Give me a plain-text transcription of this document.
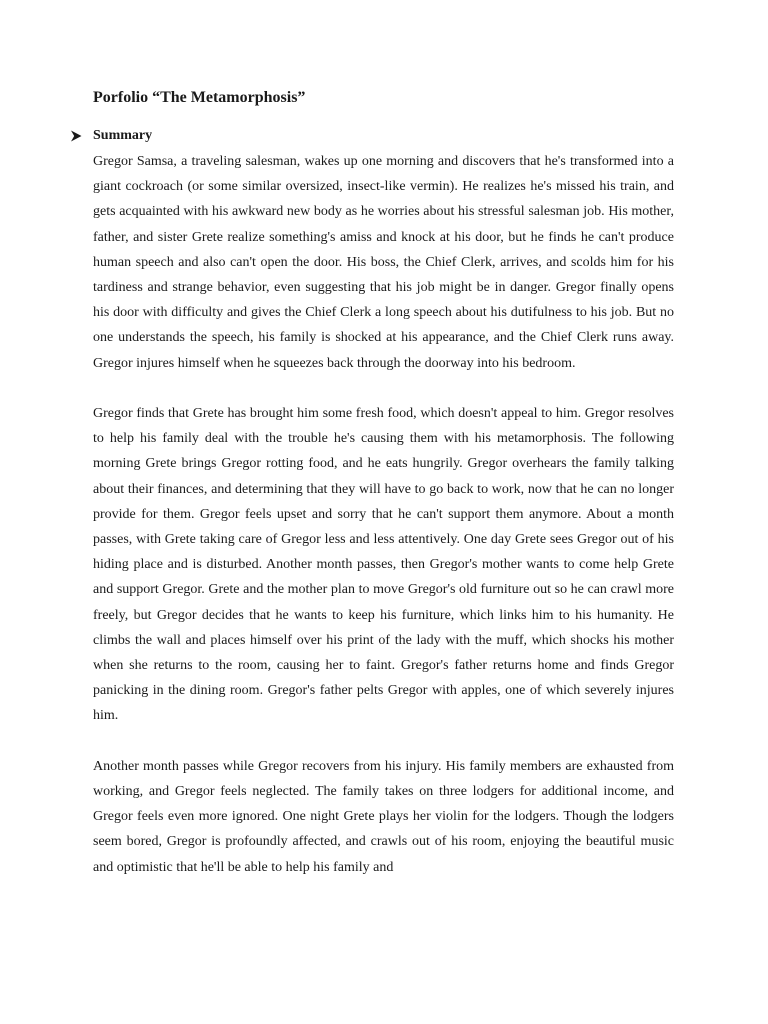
Porfolio “The Metamorphosis”
Summary

Gregor Samsa, a traveling salesman, wakes up one morning and discovers that he's transformed into a giant cockroach (or some similar oversized, insect-like vermin). He realizes he's missed his train, and gets acquainted with his awkward new body as he worries about his stressful salesman job. His mother, father, and sister Grete realize something's amiss and knock at his door, but he finds he can't produce human speech and also can't open the door. His boss, the Chief Clerk, arrives, and scolds him for his tardiness and strange behavior, even suggesting that his job might be in danger. Gregor finally opens his door with difficulty and gives the Chief Clerk a long speech about his dutifulness to his job. But no one understands the speech, his family is shocked at his appearance, and the Chief Clerk runs away. Gregor injures himself when he squeezes back through the doorway into his bedroom.

Gregor finds that Grete has brought him some fresh food, which doesn't appeal to him. Gregor resolves to help his family deal with the trouble he's causing them with his metamorphosis. The following morning Grete brings Gregor rotting food, and he eats hungrily. Gregor overhears the family talking about their finances, and determining that they will have to go back to work, now that he can no longer provide for them. Gregor feels upset and sorry that he can't support them anymore. About a month passes, with Grete taking care of Gregor less and less attentively. One day Grete sees Gregor out of his hiding place and is disturbed. Another month passes, then Gregor's mother wants to come help Grete and support Gregor. Grete and the mother plan to move Gregor's old furniture out so he can crawl more freely, but Gregor decides that he wants to keep his furniture, which links him to his humanity. He climbs the wall and places himself over his print of the lady with the muff, which shocks his mother when she returns to the room, causing her to faint. Gregor's father returns home and finds Gregor panicking in the dining room. Gregor's father pelts Gregor with apples, one of which severely injures him.

Another month passes while Gregor recovers from his injury. His family members are exhausted from working, and Gregor feels neglected. The family takes on three lodgers for additional income, and Gregor feels even more ignored. One night Grete plays her violin for the lodgers. Though the lodgers seem bored, Gregor is profoundly affected, and crawls out of his room, enjoying the beautiful music and optimistic that he'll be able to help his family and
